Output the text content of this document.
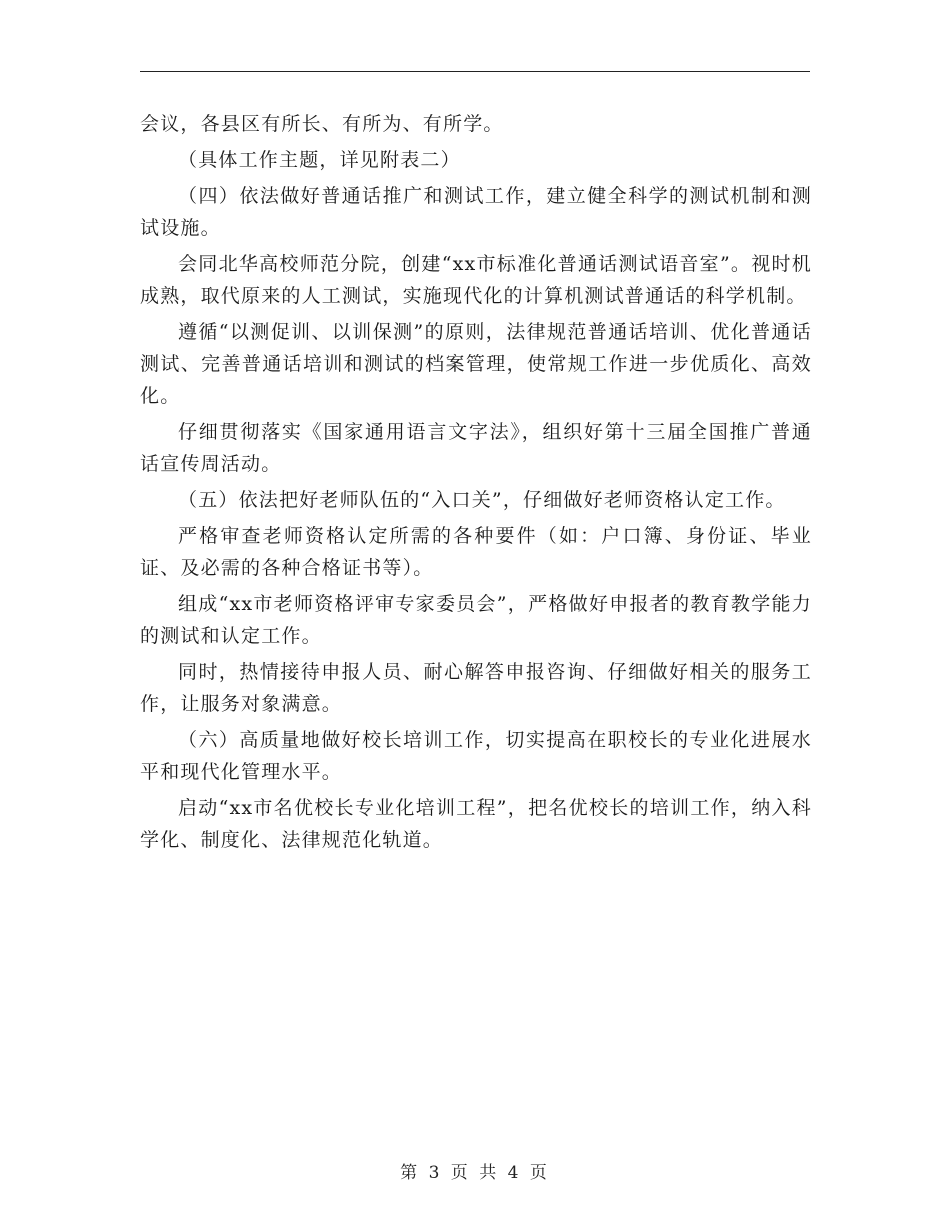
会议，各县区有所长、有所为、有所学。

（具体工作主题，详见附表二）

（四）依法做好普通话推广和测试工作，建立健全科学的测试机制和测试设施。

会同北华高校师范分院，创建“xx市标准化普通话测试语音室”。视时机成熟，取代原来的人工测试，实施现代化的计算机测试普通话的科学机制。

遵循“以测促训、以训保测”的原则，法律规范普通话培训、优化普通话测试、完善普通话培训和测试的档案管理，使常规工作进一步优质化、高效化。

仔细贯彻落实《国家通用语言文字法》，组织好第十三届全国推广普通话宣传周活动。

（五）依法把好老师队伍的“入口关”，仔细做好老师资格认定工作。

严格审查老师资格认定所需的各种要件（如：户口簿、身份证、毕业证、及必需的各种合格证书等）。

组成“xx市老师资格评审专家委员会”，严格做好申报者的教育教学能力的测试和认定工作。

同时，热情接待申报人员、耐心解答申报咨询、仔细做好相关的服务工作，让服务对象满意。

（六）高质量地做好校长培训工作，切实提高在职校长的专业化进展水平和现代化管理水平。

启动“xx市名优校长专业化培训工程”，把名优校长的培训工作，纳入科学化、制度化、法律规范化轨道。

第 3 页 共 4 页
